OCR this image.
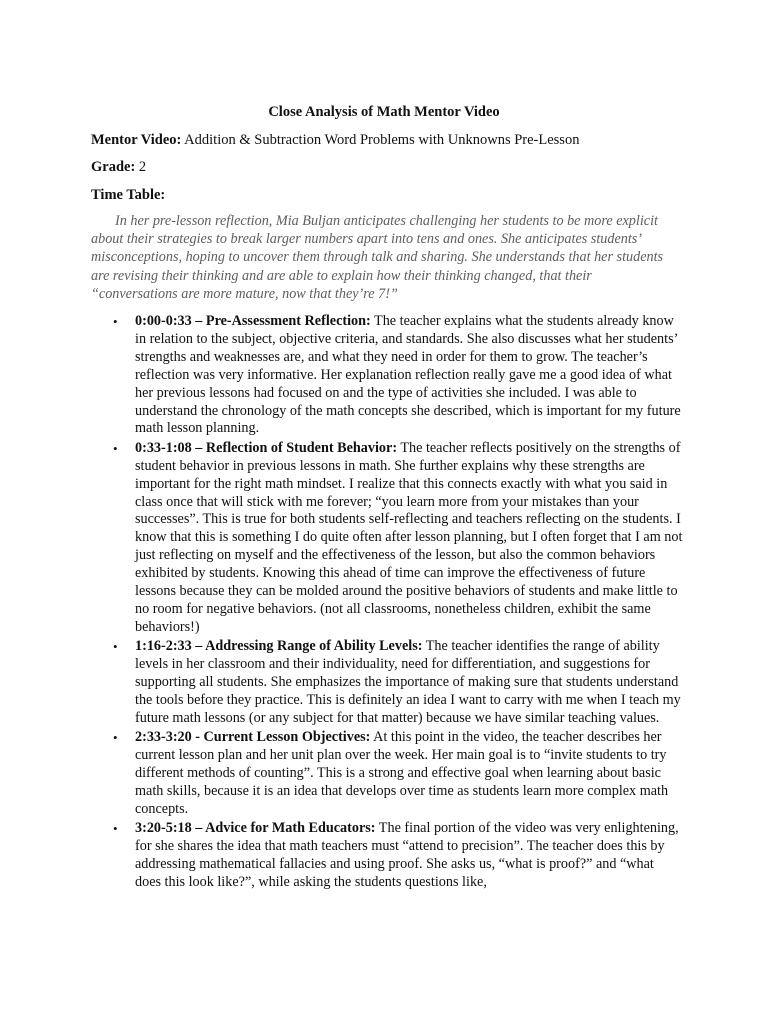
Close Analysis of Math Mentor Video
Mentor Video: Addition & Subtraction Word Problems with Unknowns Pre-Lesson
Grade: 2
Time Table:
In her pre-lesson reflection, Mia Buljan anticipates challenging her students to be more explicit about their strategies to break larger numbers apart into tens and ones. She anticipates students’ misconceptions, hoping to uncover them through talk and sharing. She understands that her students are revising their thinking and are able to explain how their thinking changed, that their “conversations are more mature, now that they’re 7!”
• 0:00-0:33 – Pre-Assessment Reflection: The teacher explains what the students already know in relation to the subject, objective criteria, and standards. She also discusses what her students’ strengths and weaknesses are, and what they need in order for them to grow. The teacher’s reflection was very informative. Her explanation reflection really gave me a good idea of what her previous lessons had focused on and the type of activities she included. I was able to understand the chronology of the math concepts she described, which is important for my future math lesson planning.
• 0:33-1:08 – Reflection of Student Behavior: The teacher reflects positively on the strengths of student behavior in previous lessons in math. She further explains why these strengths are important for the right math mindset. I realize that this connects exactly with what you said in class once that will stick with me forever; “you learn more from your mistakes than your successes”. This is true for both students self-reflecting and teachers reflecting on the students. I know that this is something I do quite often after lesson planning, but I often forget that I am not just reflecting on myself and the effectiveness of the lesson, but also the common behaviors exhibited by students. Knowing this ahead of time can improve the effectiveness of future lessons because they can be molded around the positive behaviors of students and make little to no room for negative behaviors. (not all classrooms, nonetheless children, exhibit the same behaviors!)
• 1:16-2:33 – Addressing Range of Ability Levels: The teacher identifies the range of ability levels in her classroom and their individuality, need for differentiation, and suggestions for supporting all students. She emphasizes the importance of making sure that students understand the tools before they practice. This is definitely an idea I want to carry with me when I teach my future math lessons (or any subject for that matter) because we have similar teaching values.
• 2:33-3:20 - Current Lesson Objectives: At this point in the video, the teacher describes her current lesson plan and her unit plan over the week. Her main goal is to “invite students to try different methods of counting”. This is a strong and effective goal when learning about basic math skills, because it is an idea that develops over time as students learn more complex math concepts.
• 3:20-5:18 – Advice for Math Educators: The final portion of the video was very enlightening, for she shares the idea that math teachers must “attend to precision”. The teacher does this by addressing mathematical fallacies and using proof. She asks us, “what is proof?” and “what does this look like?”, while asking the students questions like,
